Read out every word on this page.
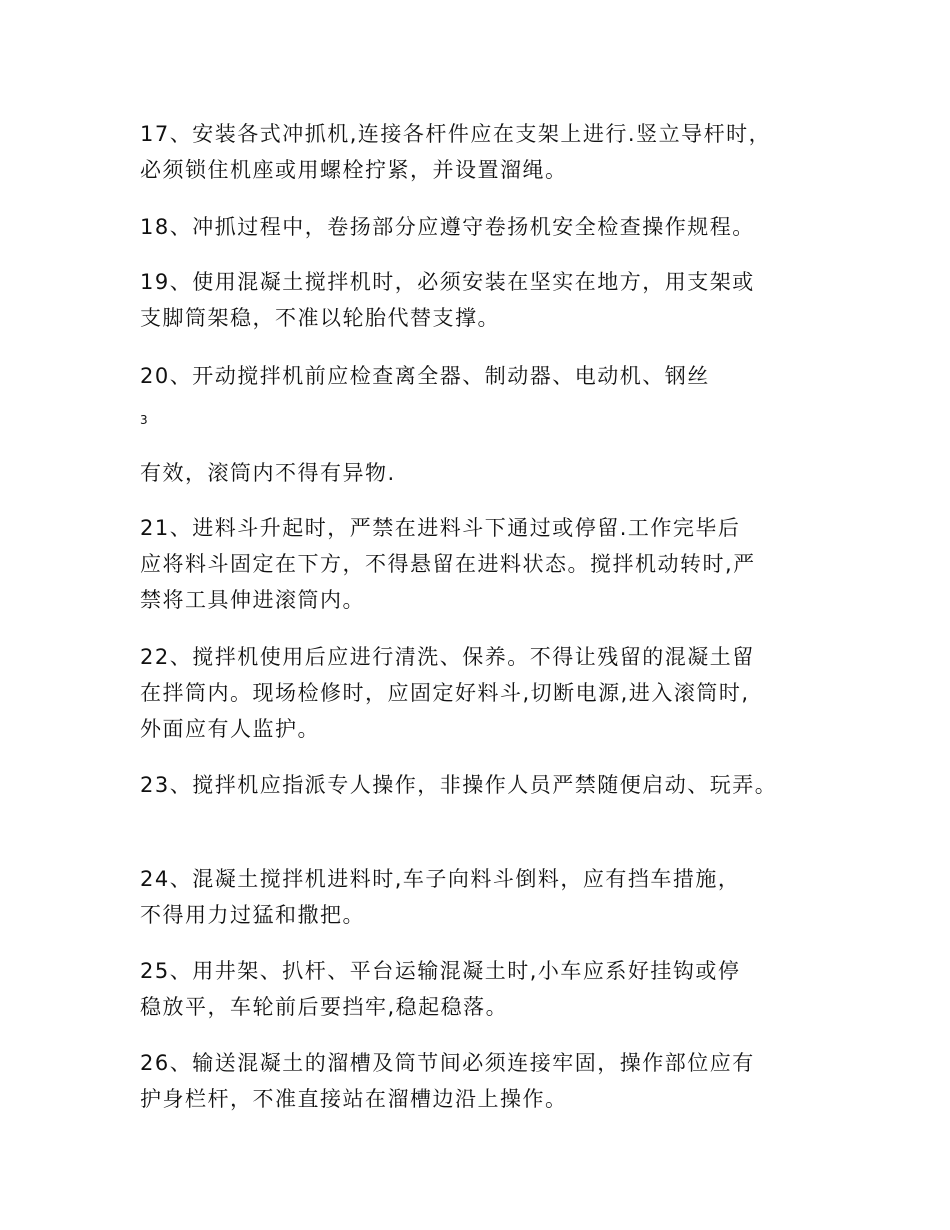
17、安装各式冲抓机,连接各杆件应在支架上进行.竖立导杆时，
必须锁住机座或用螺栓拧紧，并设置溜绳。

18、冲抓过程中，卷扬部分应遵守卷扬机安全检查操作规程。

19、使用混凝土搅拌机时，必须安装在坚实在地方，用支架或
支脚筒架稳，不准以轮胎代替支撑。

20、开动搅拌机前应检查离全器、制动器、电动机、钢丝

3

有效，滚筒内不得有异物.

21、进料斗升起时，严禁在进料斗下通过或停留.工作完毕后
应将料斗固定在下方，不得悬留在进料状态。搅拌机动转时,严
禁将工具伸进滚筒内。

22、搅拌机使用后应进行清洗、保养。不得让残留的混凝土留
在拌筒内。现场检修时，应固定好料斗,切断电源,进入滚筒时,
外面应有人监护。

23、搅拌机应指派专人操作，非操作人员严禁随便启动、玩弄。

24、混凝土搅拌机进料时,车子向料斗倒料，应有挡车措施，
不得用力过猛和撒把。

25、用井架、扒杆、平台运输混凝土时,小车应系好挂钩或停
稳放平，车轮前后要挡牢,稳起稳落。

26、输送混凝土的溜槽及筒节间必须连接牢固，操作部位应有
护身栏杆，不准直接站在溜槽边沿上操作。
